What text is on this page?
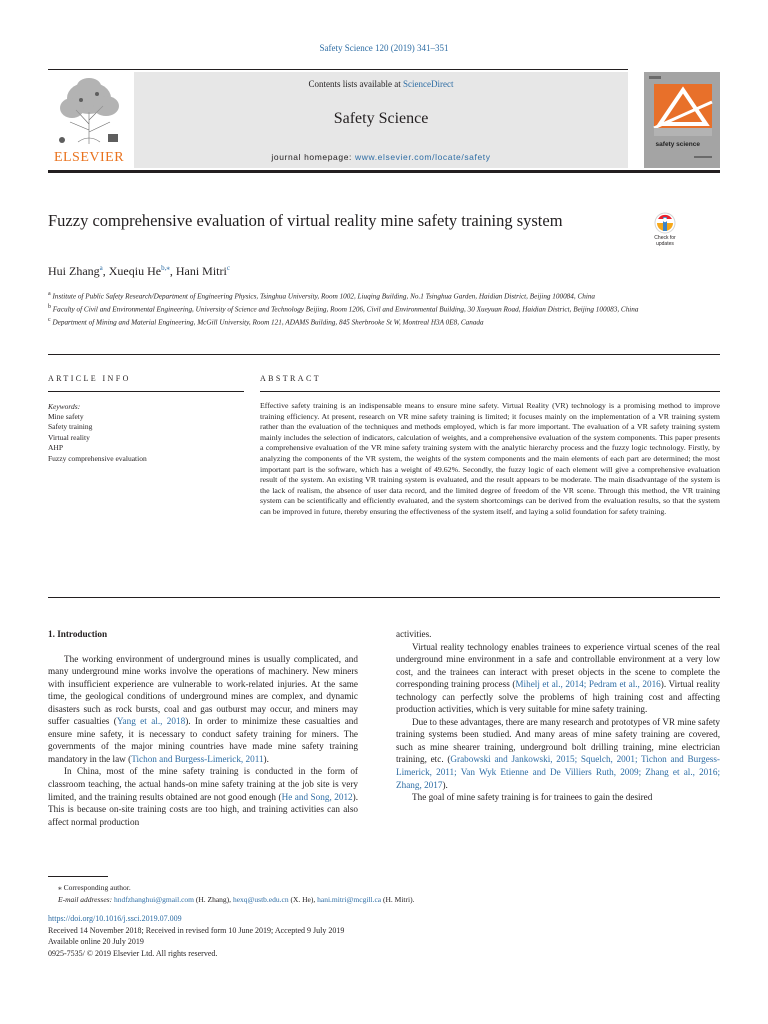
Safety Science 120 (2019) 341–351
ELSEVIER
Contents lists available at ScienceDirect
Safety Science
journal homepage: www.elsevier.com/locate/safety
safety science
Fuzzy comprehensive evaluation of virtual reality mine safety training system
Check for updates
Hui Zhang$^a$, Xueqiu $He^{b,⁎}$, Hani Mitri$^c$
$^a$ Institute of Public Safety Research/Department of Engineering Physics, Tsinghua University, Room 1002, Liuqing Building, No.1 Tsinghua Garden, Haidian District, Beijing 100084, China
$^b$ Faculty of Civil and Environmental Engineering, University of Science and Technology Beijing, Room 1206, Civil and Environmental Building, 30 Xueyuan Road, Haidian District, Beijing 100083, China
$^c$ Department of Mining and Material Engineering, McGill University, Room 121, ADAMS Building, 845 Sherbrooke St W, Montreal H3A 0E8, Canada
ARTICLE INFO	ABSTRACT
Keywords:
Mine safety
Safety training
Virtual reality
AHP
Fuzzy comprehensive evaluation
Effective safety training is an indispensable means to ensure mine safety. Virtual Reality (VR) technology is a promising method to improve training efficiency. At present, research on VR mine safety training is limited; it focuses mainly on the implementation of a VR training system rather than the evaluation of the techniques and methods employed, which is far more important. The evaluation of a VR safety training system mainly includes the selection of indicators, calculation of weights, and a comprehensive evaluation of the system components. This paper presents a comprehensive evaluation of the VR mine safety training system with the analytic hierarchy process and the fuzzy logic technology. Firstly, by analyzing the components of the VR system, the weights of the system components and the main elements of each part are determined; the most important part is the software, which has a weight of 49.62%. Secondly, the fuzzy logic of each element will give a comprehensive evaluation result of the system. An existing VR training system is evaluated, and the result appears to be moderate. The main disadvantage of the system is the lack of realism, the absence of user data record, and the limited degree of freedom of the VR scene. Through this method, the VR training system can be scientifically and efficiently evaluated, and the system shortcomings can be derived from the evaluation results, so that the system can be improved in future, thereby ensuring the effectiveness of the system itself, and laying a solid foundation for safety training.
1. Introduction

The working environment of underground mines is usually complicated, and many underground mine works involve the operations of machinery. New miners with insufficient experience are vulnerable to work-related injuries. At the same time, the geological conditions of underground mines are complex, and dynamic disasters such as rock bursts, coal and gas outburst may occur, and miners may suffer casualties (Yang et al., 2018). In order to minimize these casualties and ensure mine safety, it is necessary to conduct safety training for miners. The governments of the major mining countries have made mine safety training mandatory in the law (Tichon and Burgess-Limerick, 2011).

In China, most of the mine safety training is conducted in the form of classroom teaching, the actual hands-on mine safety training at the job site is very limited, and the training results obtained are not good enough (He and Song, 2012). This is because on-site training costs are too high, and training activities can also affect normal production

activities.

Virtual reality technology enables trainees to experience virtual scenes of the real underground mine environment in a safe and controllable environment at a very low cost, and the trainees can interact with preset objects in the scene to complete the corresponding training process (Mihelj et al., 2014; Pedram et al., 2016). Virtual reality technology can perfectly solve the problems of high training cost and affecting production activities, which is very suitable for mine safety training.

Due to these advantages, there are many research and prototypes of VR mine safety training systems been studied. And many areas of mine safety training are covered, such as mine shearer training, underground bolt drilling training, mine electrician training, etc. (Grabowski and Jankowski, 2015; Squelch, 2001; Tichon and Burgess-Limerick, 2011; Van Wyk Etienne and De Villiers Ruth, 2009; Zhang et al., 2016; Zhang, 2017).

The goal of mine safety training is for trainees to gain the desired

⁎ Corresponding author.
E-mail addresses: hndfzhanghui@gmail.com (H. Zhang), hexq@ustb.edu.cn (X. He), hani.mitri@mcgill.ca (H. Mitri).
https://doi.org/10.1016/j.ssci.2019.07.009
Received 14 November 2018; Received in revised form 10 June 2019; Accepted 9 July 2019
Available online 20 July 2019
0925-7535/ © 2019 Elsevier Ltd. All rights reserved.
